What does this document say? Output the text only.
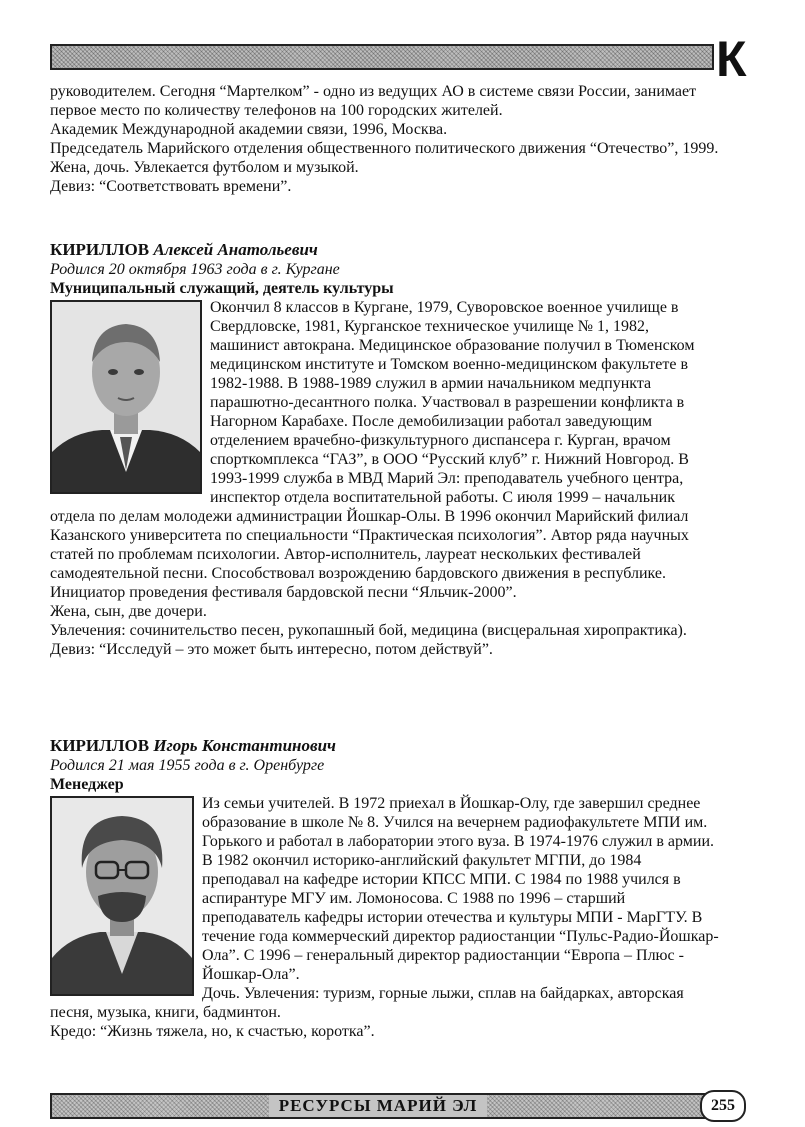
К

руководителем. Сегодня “Мартелком” - одно из ведущих АО в системе связи России, занимает первое место по количеству телефонов на 100 городских жителей.

Академик Международной академии связи, 1996, Москва.

Председатель Марийского отделения общественного политического движения “Отечество”, 1999.

Жена, дочь. Увлекается футболом и музыкой.

Девиз: “Соответствовать времени”.

КИРИЛЛОВ Алексей Анатольевич
Родился 20 октября 1963 года в г. Кургане
Муниципальный служащий, деятель культуры
Окончил 8 классов в Кургане, 1979, Суворовское военное училище в Свердловске, 1981, Курганское техническое училище № 1, 1982, машинист автокрана. Медицинское образование получил в Тюменском медицинском институте и Томском военно-медицинском факультете в 1982-1988. В 1988-1989 служил в армии начальником медпункта парашютно-десантного полка. Участвовал в разрешении конфликта в Нагорном Карабахе. После демобилизации работал заведующим отделением врачебно-физкультурного диспансера г. Курган, врачом спорткомплекса “ГАЗ”, в ООО “Русский клуб” г. Нижний Новгород. В 1993-1999 служба в МВД Марий Эл: преподаватель учебного центра, инспектор отдела воспитательной работы. С июля 1999 – начальник отдела по делам молодежи администрации Йошкар-Олы. В 1996 окончил Марийский филиал Казанского университета по специальности “Практическая психология”. Автор ряда научных статей по проблемам психологии. Автор-исполнитель, лауреат нескольких фестивалей самодеятельной песни. Способствовал возрождению бардовского движения в республике. Инициатор проведения фестиваля бардовской песни “Яльчик-2000”.

Жена, сын, две дочери.

Увлечения: сочинительство песен, рукопашный бой, медицина (висцеральная хиропрактика).

Девиз: “Исследуй – это может быть интересно, потом действуй”.

КИРИЛЛОВ Игорь Константинович
Родился 21 мая 1955 года в г. Оренбурге
Менеджер
Из семьи учителей. В 1972 приехал в Йошкар-Олу, где завершил среднее образование в школе № 8. Учился на вечернем радиофакультете МПИ им. Горького и работал в лаборатории этого вуза. В 1974-1976 служил в армии. В 1982 окончил историко-английский факультет МГПИ, до 1984 преподавал на кафедре истории КПСС МПИ. С 1984 по 1988 учился в аспирантуре МГУ им. Ломоносова. С 1988 по 1996 – старший преподаватель кафедры истории отечества и культуры МПИ - МарГТУ. В течение года коммерческий директор радиостанции “Пульс-Радио-Йошкар-Ола”. С 1996 – генеральный директор радиостанции “Европа – Плюс - Йошкар-Ола”.

Дочь. Увлечения: туризм, горные лыжи, сплав на байдарках, авторская песня, музыка, книги, бадминтон.

Кредо: “Жизнь тяжела, но, к счастью, коротка”.

РЕСУРСЫ МАРИЙ ЭЛ	255
